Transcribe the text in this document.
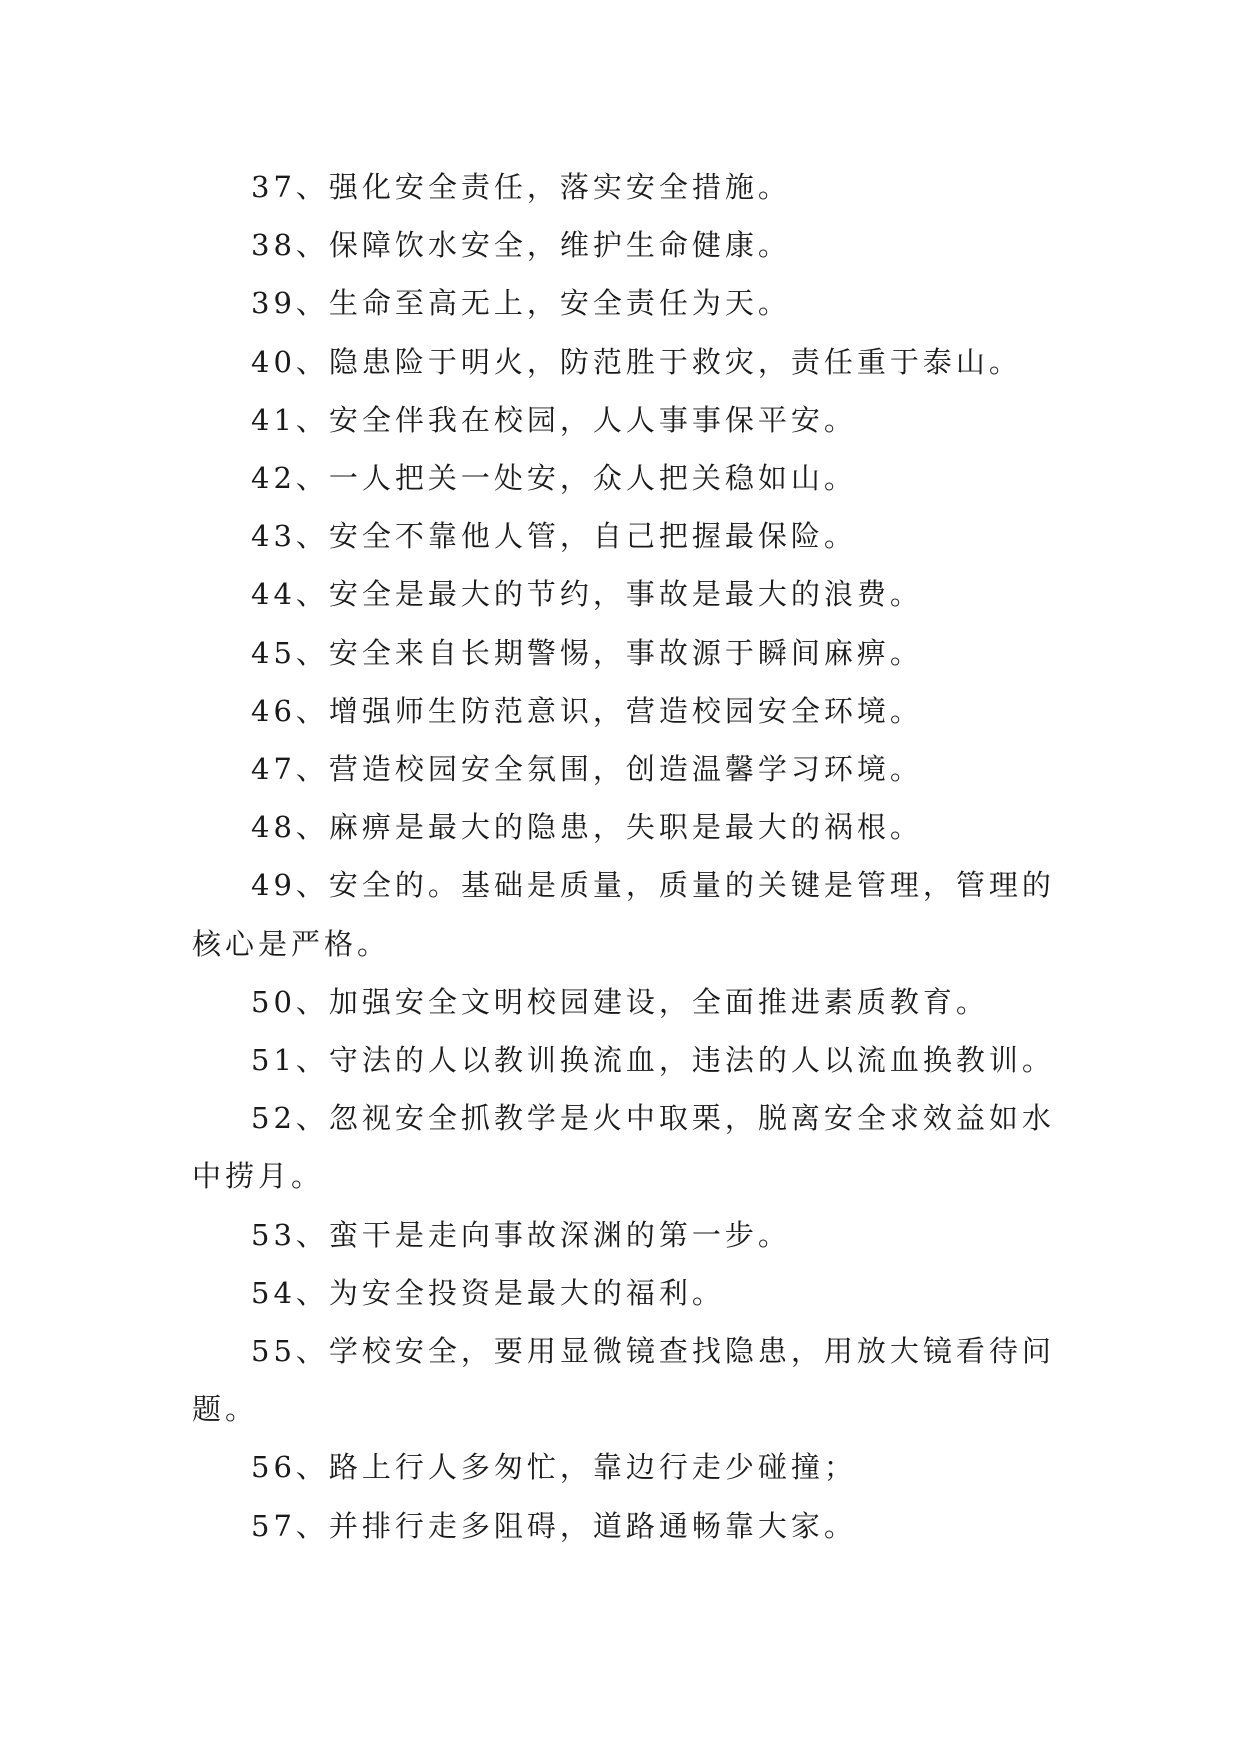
37、强化安全责任，落实安全措施。

38、保障饮水安全，维护生命健康。

39、生命至高无上，安全责任为天。

40、隐患险于明火，防范胜于救灾，责任重于泰山。

41、安全伴我在校园，人人事事保平安。

42、一人把关一处安，众人把关稳如山。

43、安全不靠他人管，自己把握最保险。

44、安全是最大的节约，事故是最大的浪费。

45、安全来自长期警惕，事故源于瞬间麻痹。

46、增强师生防范意识，营造校园安全环境。

47、营造校园安全氛围，创造温馨学习环境。

48、麻痹是最大的隐患，失职是最大的祸根。

49、安全的。基础是质量，质量的关键是管理，管理的核心是严格。

50、加强安全文明校园建设，全面推进素质教育。

51、守法的人以教训换流血，违法的人以流血换教训。

52、忽视安全抓教学是火中取栗，脱离安全求效益如水中捞月。

53、蛮干是走向事故深渊的第一步。

54、为安全投资是最大的福利。

55、学校安全，要用显微镜查找隐患，用放大镜看待问题。

56、路上行人多匆忙，靠边行走少碰撞；

57、并排行走多阻碍，道路通畅靠大家。
